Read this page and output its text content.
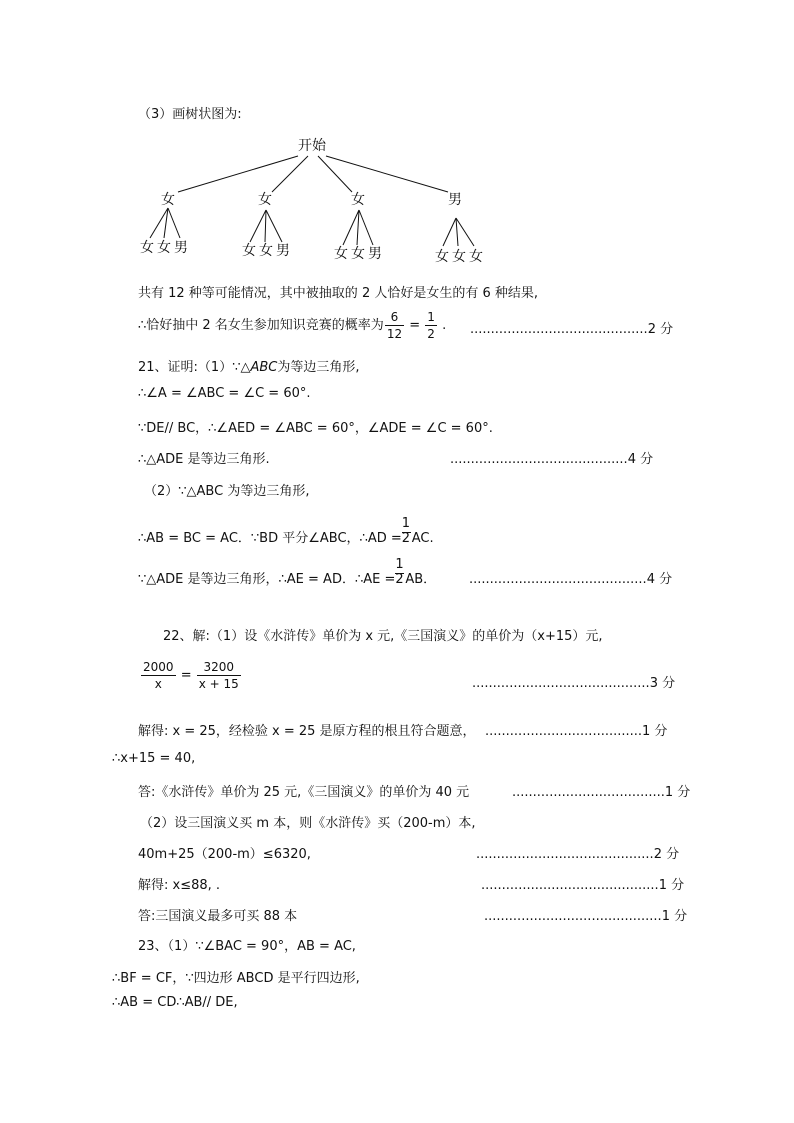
（3）画树状图为:
开始
女	女	女	男
女 女 男	女 女 男	女 女 男	女 女 女
共有 12 种等可能情况，其中被抽取的 2 人恰好是女生的有 6 种结果,
∴恰好抽中 2 名女生参加知识竞赛的概率为 $\frac{6}{12} = \frac{1}{2}$ . ...........................................2 分
21、证明:（1）∵△ABC为等边三角形,
∴∠A = ∠ABC = ∠C = 60°.
∵DE// BC，∴∠AED = ∠ABC = 60°，∠ADE = ∠C = 60°.
∴△ADE 是等边三角形.	...........................................4 分
（2）∵△ABC 为等边三角形,
∴AB = BC = AC．∵BD 平分∠ABC，∴AD = $\frac{1}{2}AC$.
∵△ADE 是等边三角形，∴AE = AD．∴AE = $\frac{1}{2}AB$．	...........................................4 分
22、解:（1）设《水浒传》单价为 x 元,《三国演义》的单价为（x+15）元,
$\frac{2000}{x} = \frac{3200}{x + 15}$	...........................................3 分
解得: x = 25，经检验 x = 25 是原方程的根且符合题意， ......................................1 分
∴x+15 = 40,
答:《水浒传》单价为 25 元,《三国演义》的单价为 40 元	.....................................1 分
（2）设三国演义买 m 本，则《水浒传》买（200-m）本,
40m+25（200-m）≤6320,	...........................................2 分
解得: x≤88, .	...........................................1 分
答:三国演义最多可买 88 本	...........................................1 分
23、（1）∵∠BAC = 90°，AB = AC,
∴BF = CF，∵四边形 ABCD 是平行四边形,
∴AB = CD∴AB// DE,
